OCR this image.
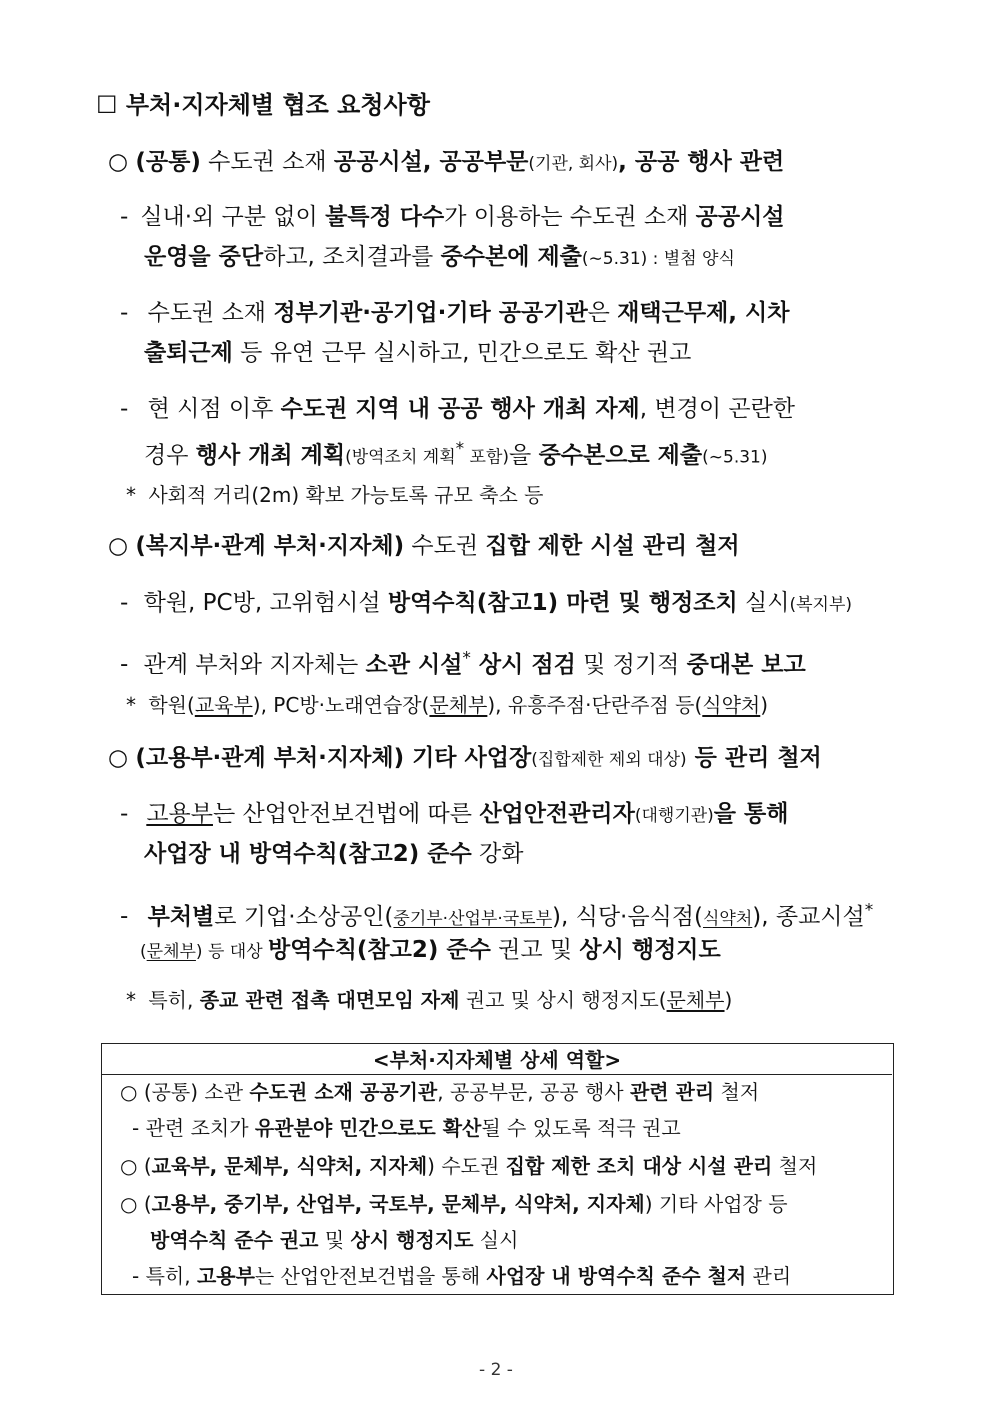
☐ 부처·지자체별 협조 요청사항
○ (공통) 수도권 소재 공공시설, 공공부문(기관, 회사), 공공 행사 관련
- 실내·외 구분 없이 불특정 다수가 이용하는 수도권 소재 공공시설
운영을 중단하고, 조치결과를 중수본에 제출(∼5.31) : 별첨 양식
- 수도권 소재 정부기관·공기업·기타 공공기관은 재택근무제, 시차
출퇴근제 등 유연 근무 실시하고, 민간으로도 확산 권고
- 현 시점 이후 수도권 지역 내 공공 행사 개최 자제, 변경이 곤란한
경우 행사 개최 계획(방역조치 계획* 포함)을 중수본으로 제출(∼5.31)
* 사회적 거리(2m) 확보 가능토록 규모 축소 등
○ (복지부·관계 부처·지자체) 수도권 집합 제한 시설 관리 철저
- 학원, PC방, 고위험시설 방역수칙(참고1) 마련 및 행정조치 실시(복지부)
- 관계 부처와 지자체는 소관 시설* 상시 점검 및 정기적 중대본 보고
* 학원(교육부), PC방·노래연습장(문체부), 유흥주점·단란주점 등(식약처)
○ (고용부·관계 부처·지자체) 기타 사업장(집합제한 제외 대상) 등 관리 철저
- 고용부는 산업안전보건법에 따른 산업안전관리자(대행기관)을 통해
사업장 내 방역수칙(참고2) 준수 강화
- 부처별로 기업·소상공인(중기부·산업부·국토부), 식당·음식점(식약처), 종교시설*
(문체부) 등 대상 방역수칙(참고2) 준수 권고 및 상시 행정지도
* 특히, 종교 관련 접촉 대면모임 자제 권고 및 상시 행정지도(문체부)
<부처·지자체별 상세 역할>
○ (공통) 소관 수도권 소재 공공기관, 공공부문, 공공 행사 관련 관리 철저
- 관련 조치가 유관분야 민간으로도 확산될 수 있도록 적극 권고
○ (교육부, 문체부, 식약처, 지자체) 수도권 집합 제한 조치 대상 시설 관리 철저
○ (고용부, 중기부, 산업부, 국토부, 문체부, 식약처, 지자체) 기타 사업장 등
방역수칙 준수 권고 및 상시 행정지도 실시
- 특히, 고용부는 산업안전보건법을 통해 사업장 내 방역수칙 준수 철저 관리
- 2 -
